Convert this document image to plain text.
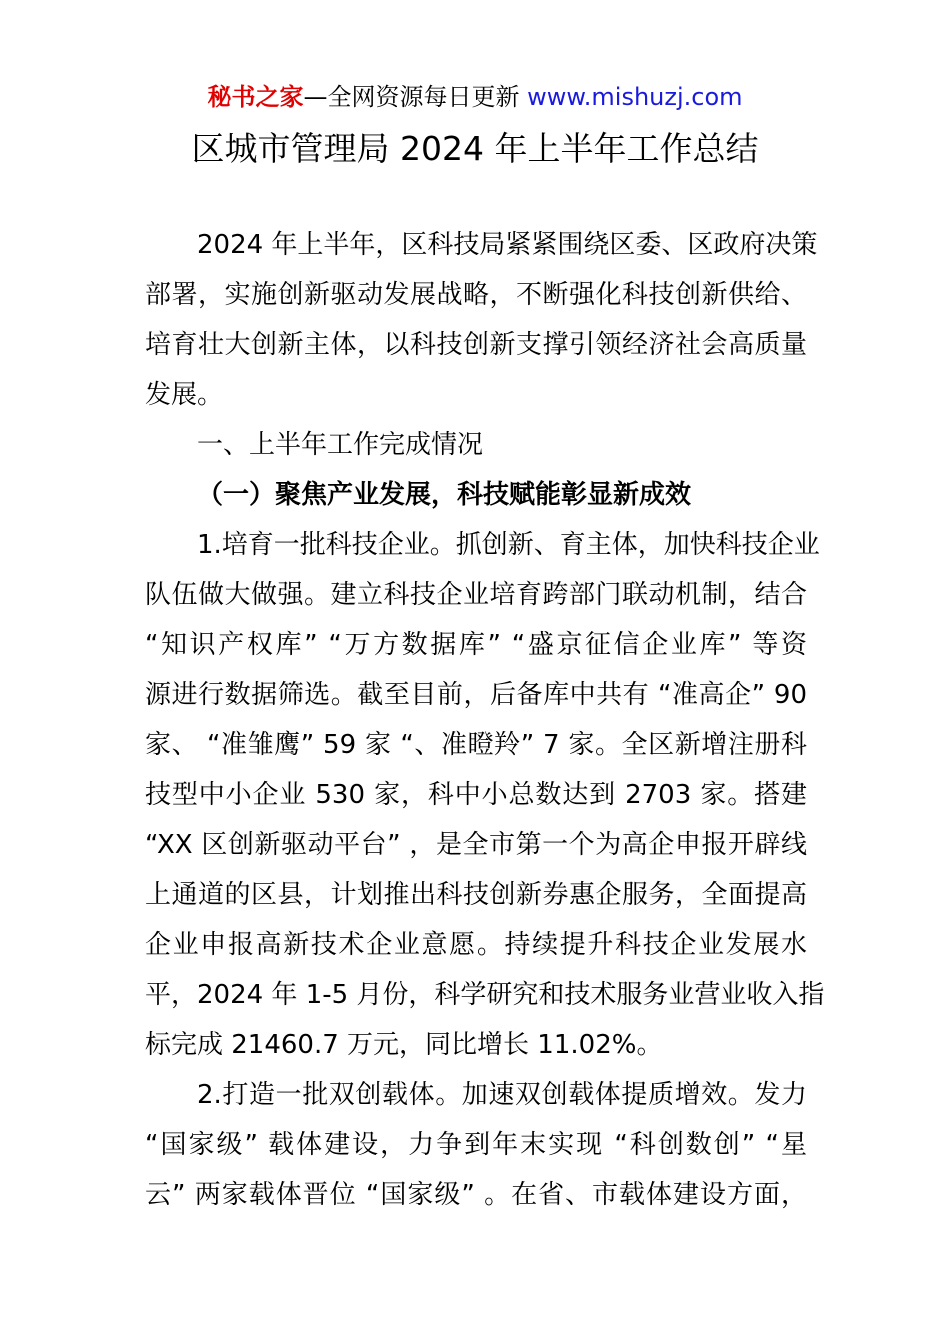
秘书之家—全网资源每日更新 www.mishuzj.com
区城市管理局 2024 年上半年工作总结
2024 年上半年，区科技局紧紧围绕区委、区政府决策
部署，实施创新驱动发展战略，不断强化科技创新供给、
培育壮大创新主体，以科技创新支撑引领经济社会高质量
发展。
一、上半年工作完成情况
（一）聚焦产业发展，科技赋能彰显新成效
1.培育一批科技企业。抓创新、育主体，加快科技企业
队伍做大做强。建立科技企业培育跨部门联动机制，结合
“知识产权库” “万方数据库” “盛京征信企业库” 等资
源进行数据筛选。截至目前，后备库中共有 “准高企” 90
家、 “准雏鹰” 59 家 “、准瞪羚” 7 家。全区新增注册科
技型中小企业 530 家，科中小总数达到 2703 家。搭建
“XX 区创新驱动平台” ，是全市第一个为高企申报开辟线
上通道的区县，计划推出科技创新券惠企服务，全面提高
企业申报高新技术企业意愿。持续提升科技企业发展水
平，2024 年 1-5 月份，科学研究和技术服务业营业收入指
标完成 21460.7 万元，同比增长 11.02%。
2.打造一批双创载体。加速双创载体提质增效。发力
“国家级” 载体建设，力争到年末实现 “科创数创” “星
云” 两家载体晋位 “国家级” 。在省、市载体建设方面，
